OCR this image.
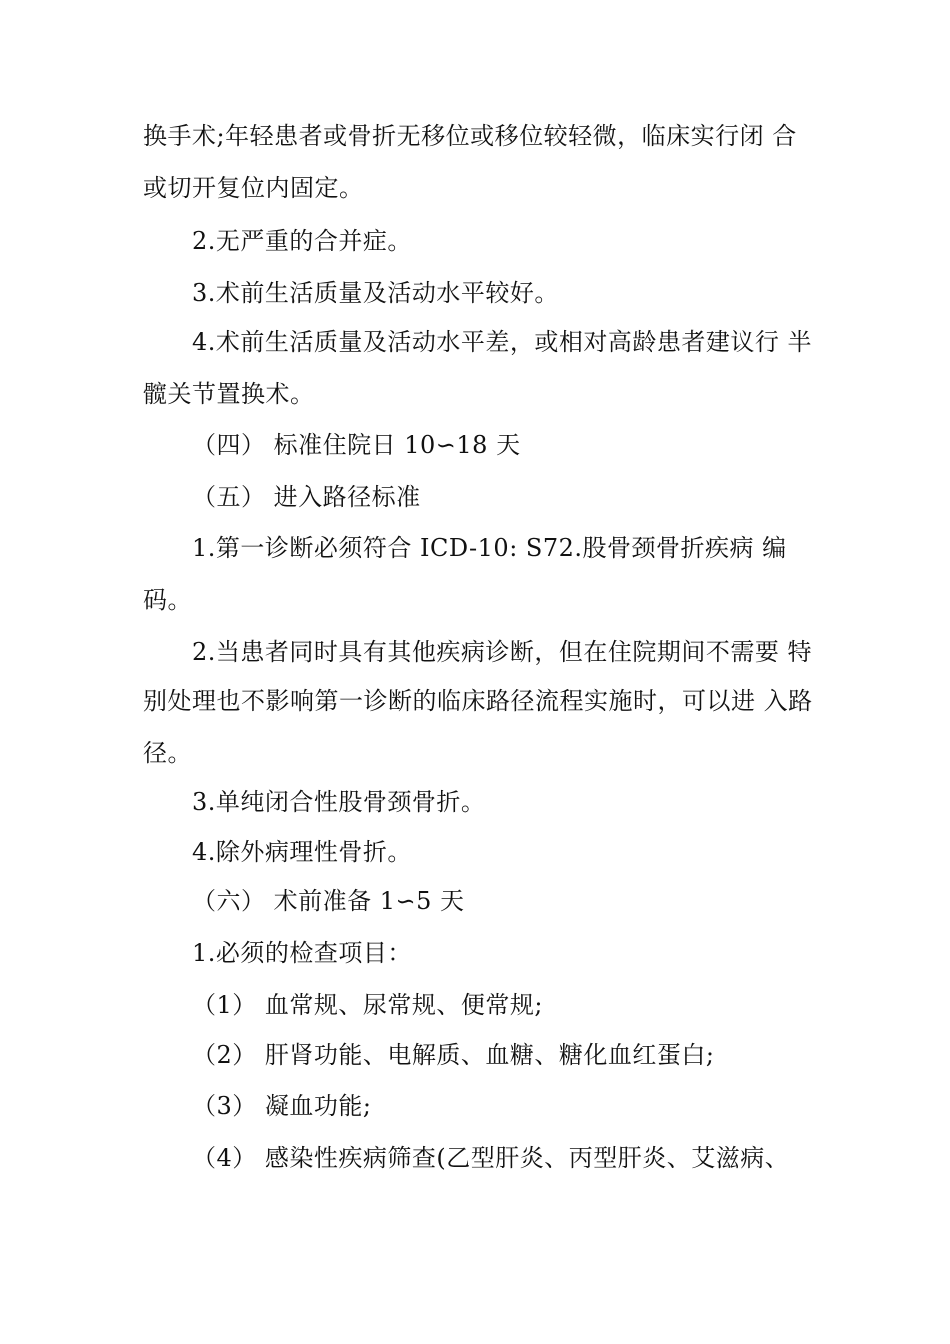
换手术;年轻患者或骨折无移位或移位较轻微，临床实行闭 合
或切开复位内固定。
2.无严重的合并症。
3.术前生活质量及活动水平较好。
4.术前生活质量及活动水平差，或相对高龄患者建议行 半
髋关节置换术。
（四） 标准住院日 10∽18 天
（五） 进入路径标准
1.第一诊断必须符合 ICD-10: S72.股骨颈骨折疾病 编
码。
2.当患者同时具有其他疾病诊断，但在住院期间不需要 特
别处理也不影响第一诊断的临床路径流程实施时，可以进 入路
径。
3.单纯闭合性股骨颈骨折。
4.除外病理性骨折。
（六） 术前准备 1∽5 天
1.必须的检查项目：
（1） 血常规、尿常规、便常规;
（2） 肝肾功能、电解质、血糖、糖化血红蛋白;
（3） 凝血功能;
（4） 感染性疾病筛查(乙型肝炎、丙型肝炎、艾滋病、
